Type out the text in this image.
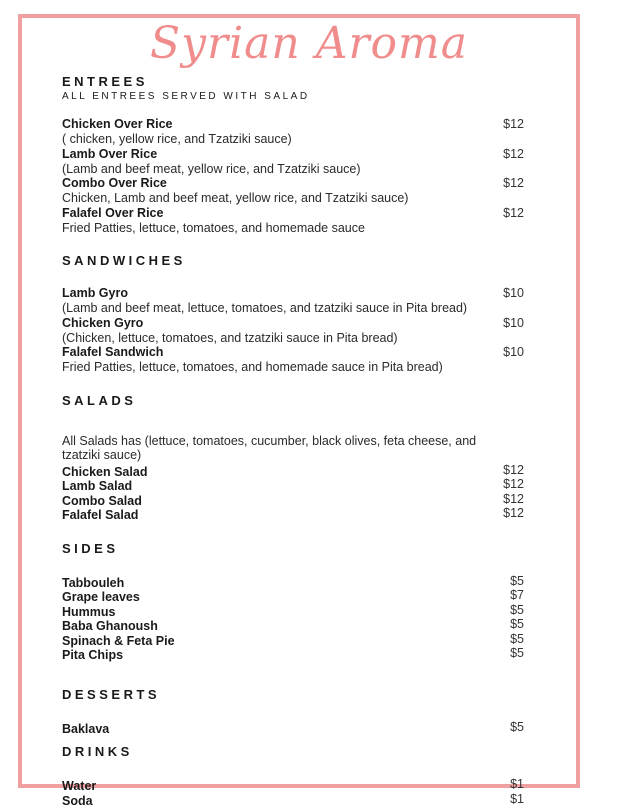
Syrian Aroma
ENTREES
ALL ENTREES SERVED WITH SALAD
Chicken Over Rice	$12
( chicken, yellow rice, and Tzatziki sauce)
Lamb Over Rice	$12
(Lamb and beef meat, yellow rice, and Tzatziki sauce)
Combo Over Rice	$12
Chicken, Lamb and beef meat, yellow rice, and Tzatziki sauce)
Falafel Over Rice	$12
Fried Patties, lettuce, tomatoes, and homemade sauce
SANDWICHES
Lamb Gyro	$10
(Lamb and beef meat, lettuce, tomatoes, and tzatziki sauce in Pita bread)
Chicken Gyro	$10
(Chicken, lettuce, tomatoes, and tzatziki sauce in Pita bread)
Falafel Sandwich	$10
Fried Patties, lettuce, tomatoes, and homemade sauce in Pita bread)
SALADS
All Salads has (lettuce, tomatoes, cucumber, black olives, feta cheese, and tzatziki sauce)
Chicken Salad	$12
Lamb Salad	$12
Combo Salad	$12
Falafel Salad	$12
SIDES
Tabbouleh	$5
Grape leaves	$7
Hummus	$5
Baba Ghanoush	$5
Spinach & Feta Pie	$5
Pita Chips	$5
DESSERTS
Baklava	$5
DRINKS
Water	$1
Soda	$1
